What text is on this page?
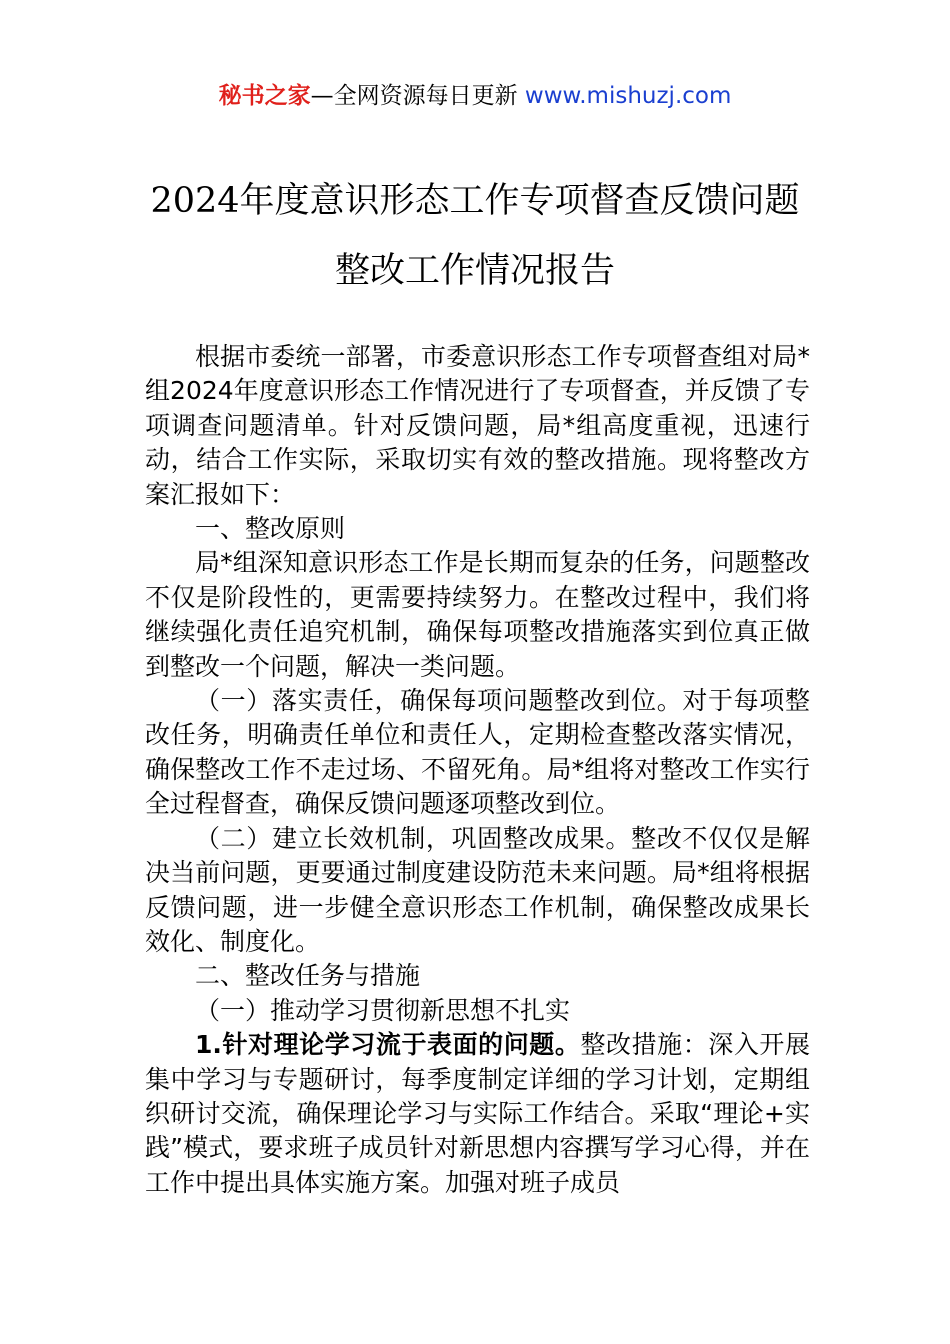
秘书之家—全网资源每日更新 www.mishuzj.com
2024年度意识形态工作专项督查反馈问题
整改工作情况报告

根据市委统一部署，市委意识形态工作专项督查组对局*组2024年度意识形态工作情况进行了专项督查，并反馈了专项调查问题清单。针对反馈问题，局*组高度重视，迅速行动，结合工作实际，采取切实有效的整改措施。现将整改方案汇报如下：

一、整改原则

局*组深知意识形态工作是长期而复杂的任务，问题整改不仅是阶段性的，更需要持续努力。在整改过程中，我们将继续强化责任追究机制，确保每项整改措施落实到位真正做到整改一个问题，解决一类问题。

（一）落实责任，确保每项问题整改到位。对于每项整改任务，明确责任单位和责任人，定期检查整改落实情况，确保整改工作不走过场、不留死角。局*组将对整改工作实行全过程督查，确保反馈问题逐项整改到位。

（二）建立长效机制，巩固整改成果。整改不仅仅是解决当前问题，更要通过制度建设防范未来问题。局*组将根据反馈问题，进一步健全意识形态工作机制，确保整改成果长效化、制度化。

二、整改任务与措施

（一）推动学习贯彻新思想不扎实

1.针对理论学习流于表面的问题。整改措施：深入开展集中学习与专题研讨，每季度制定详细的学习计划，定期组织研讨交流，确保理论学习与实际工作结合。采取“理论+实践”模式，要求班子成员针对新思想内容撰写学习心得，并在工作中提出具体实施方案。加强对班子成员
